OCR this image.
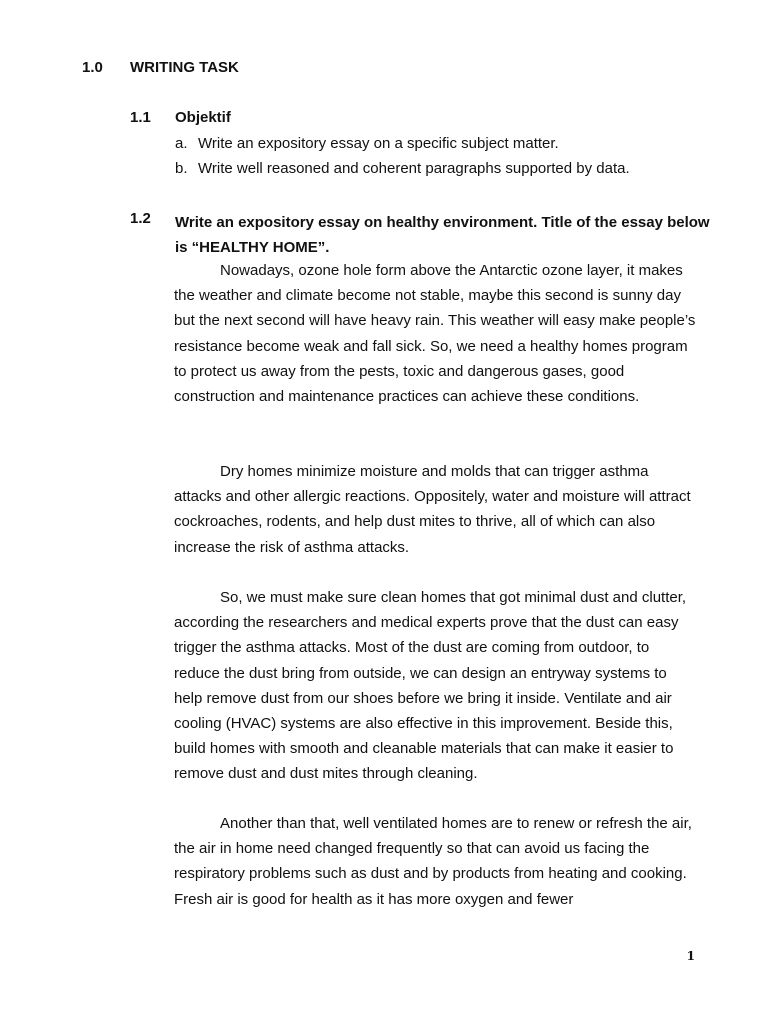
1.0 WRITING TASK
1.1 Objektif
a. Write an expository essay on a specific subject matter.
b. Write well reasoned and coherent paragraphs supported by data.
1.2 Write an expository essay on healthy environment. Title of the essay below is “HEALTHY HOME”.

Nowadays, ozone hole form above the Antarctic ozone layer, it makes the weather and climate become not stable, maybe this second is sunny day but the next second will have heavy rain. This weather will easy make people’s resistance become weak and fall sick. So, we need a healthy homes program to protect us away from the pests, toxic and dangerous gases, good construction and maintenance practices can achieve these conditions.

Dry homes minimize moisture and molds that can trigger asthma attacks and other allergic reactions. Oppositely, water and moisture will attract cockroaches, rodents, and help dust mites to thrive, all of which can also increase the risk of asthma attacks.

So, we must make sure clean homes that got minimal dust and clutter, according the researchers and medical experts prove that the dust can easy trigger the asthma attacks. Most of the dust are coming from outdoor, to reduce the dust bring from outside, we can design an entryway systems to help remove dust from our shoes before we bring it inside. Ventilate and air cooling (HVAC) systems are also effective in this improvement. Beside this, build homes with smooth and cleanable materials that can make it easier to remove dust and dust mites through cleaning.

Another than that, well ventilated homes are to renew or refresh the air, the air in home need changed frequently so that can avoid us facing the respiratory problems such as dust and by products from heating and cooking. Fresh air is good for health as it has more oxygen and fewer

1
